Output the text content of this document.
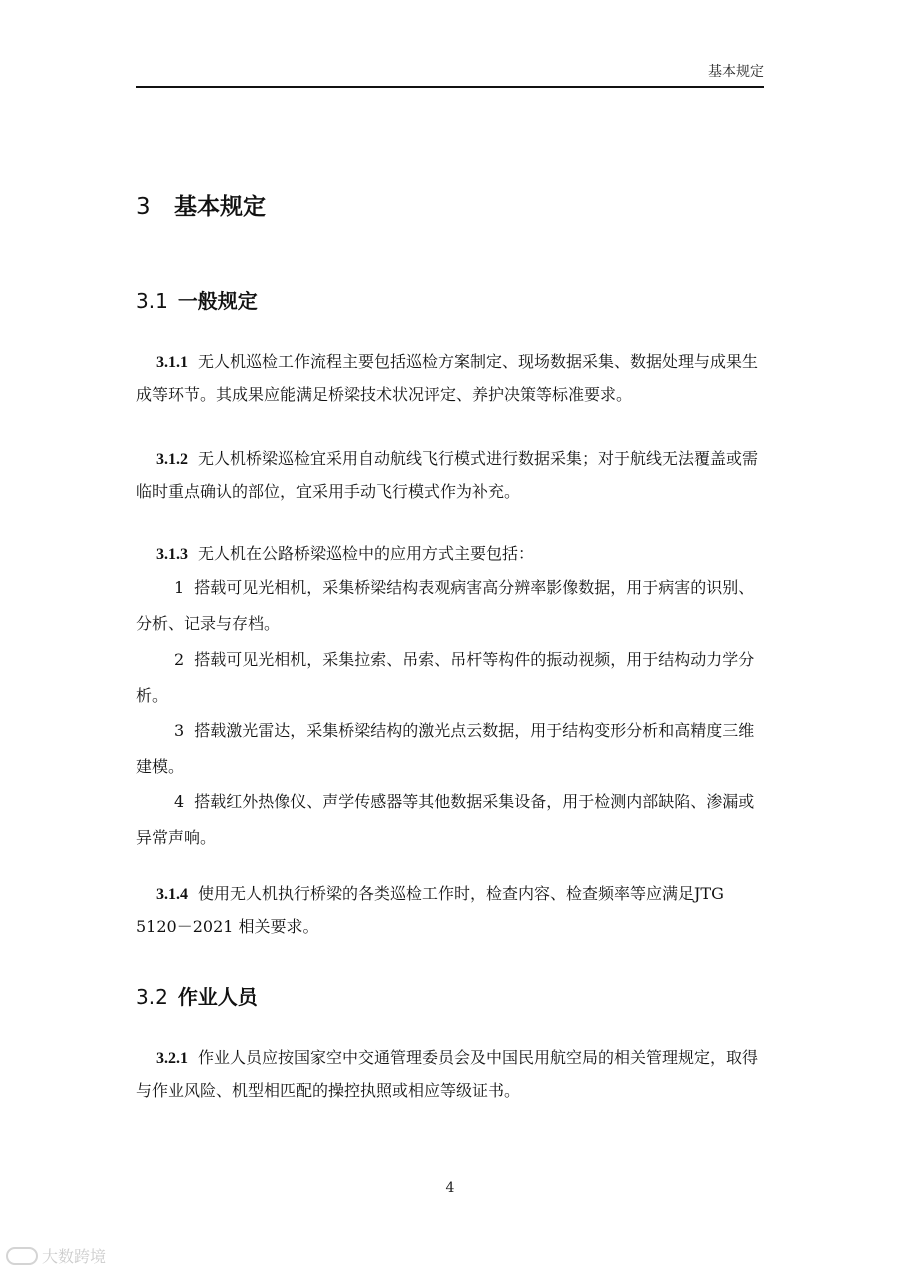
基本规定
3 基本规定
3.1 一般规定
3.1.1 无人机巡检工作流程主要包括巡检方案制定、现场数据采集、数据处理与成果生成等环节。其成果应能满足桥梁技术状况评定、养护决策等标准要求。
3.1.2 无人机桥梁巡检宜采用自动航线飞行模式进行数据采集；对于航线无法覆盖或需临时重点确认的部位，宜采用手动飞行模式作为补充。
3.1.3 无人机在公路桥梁巡检中的应用方式主要包括：
1 搭载可见光相机，采集桥梁结构表观病害高分辨率影像数据，用于病害的识别、分析、记录与存档。
2 搭载可见光相机，采集拉索、吊索、吊杆等构件的振动视频，用于结构动力学分析。
3 搭载激光雷达，采集桥梁结构的激光点云数据，用于结构变形分析和高精度三维建模。
4 搭载红外热像仪、声学传感器等其他数据采集设备，用于检测内部缺陷、渗漏或异常声响。
3.1.4 使用无人机执行桥梁的各类巡检工作时，检查内容、检查频率等应满足JTG 5120－2021 相关要求。
3.2 作业人员
3.2.1 作业人员应按国家空中交通管理委员会及中国民用航空局的相关管理规定，取得与作业风险、机型相匹配的操控执照或相应等级证书。
4
大数跨境
